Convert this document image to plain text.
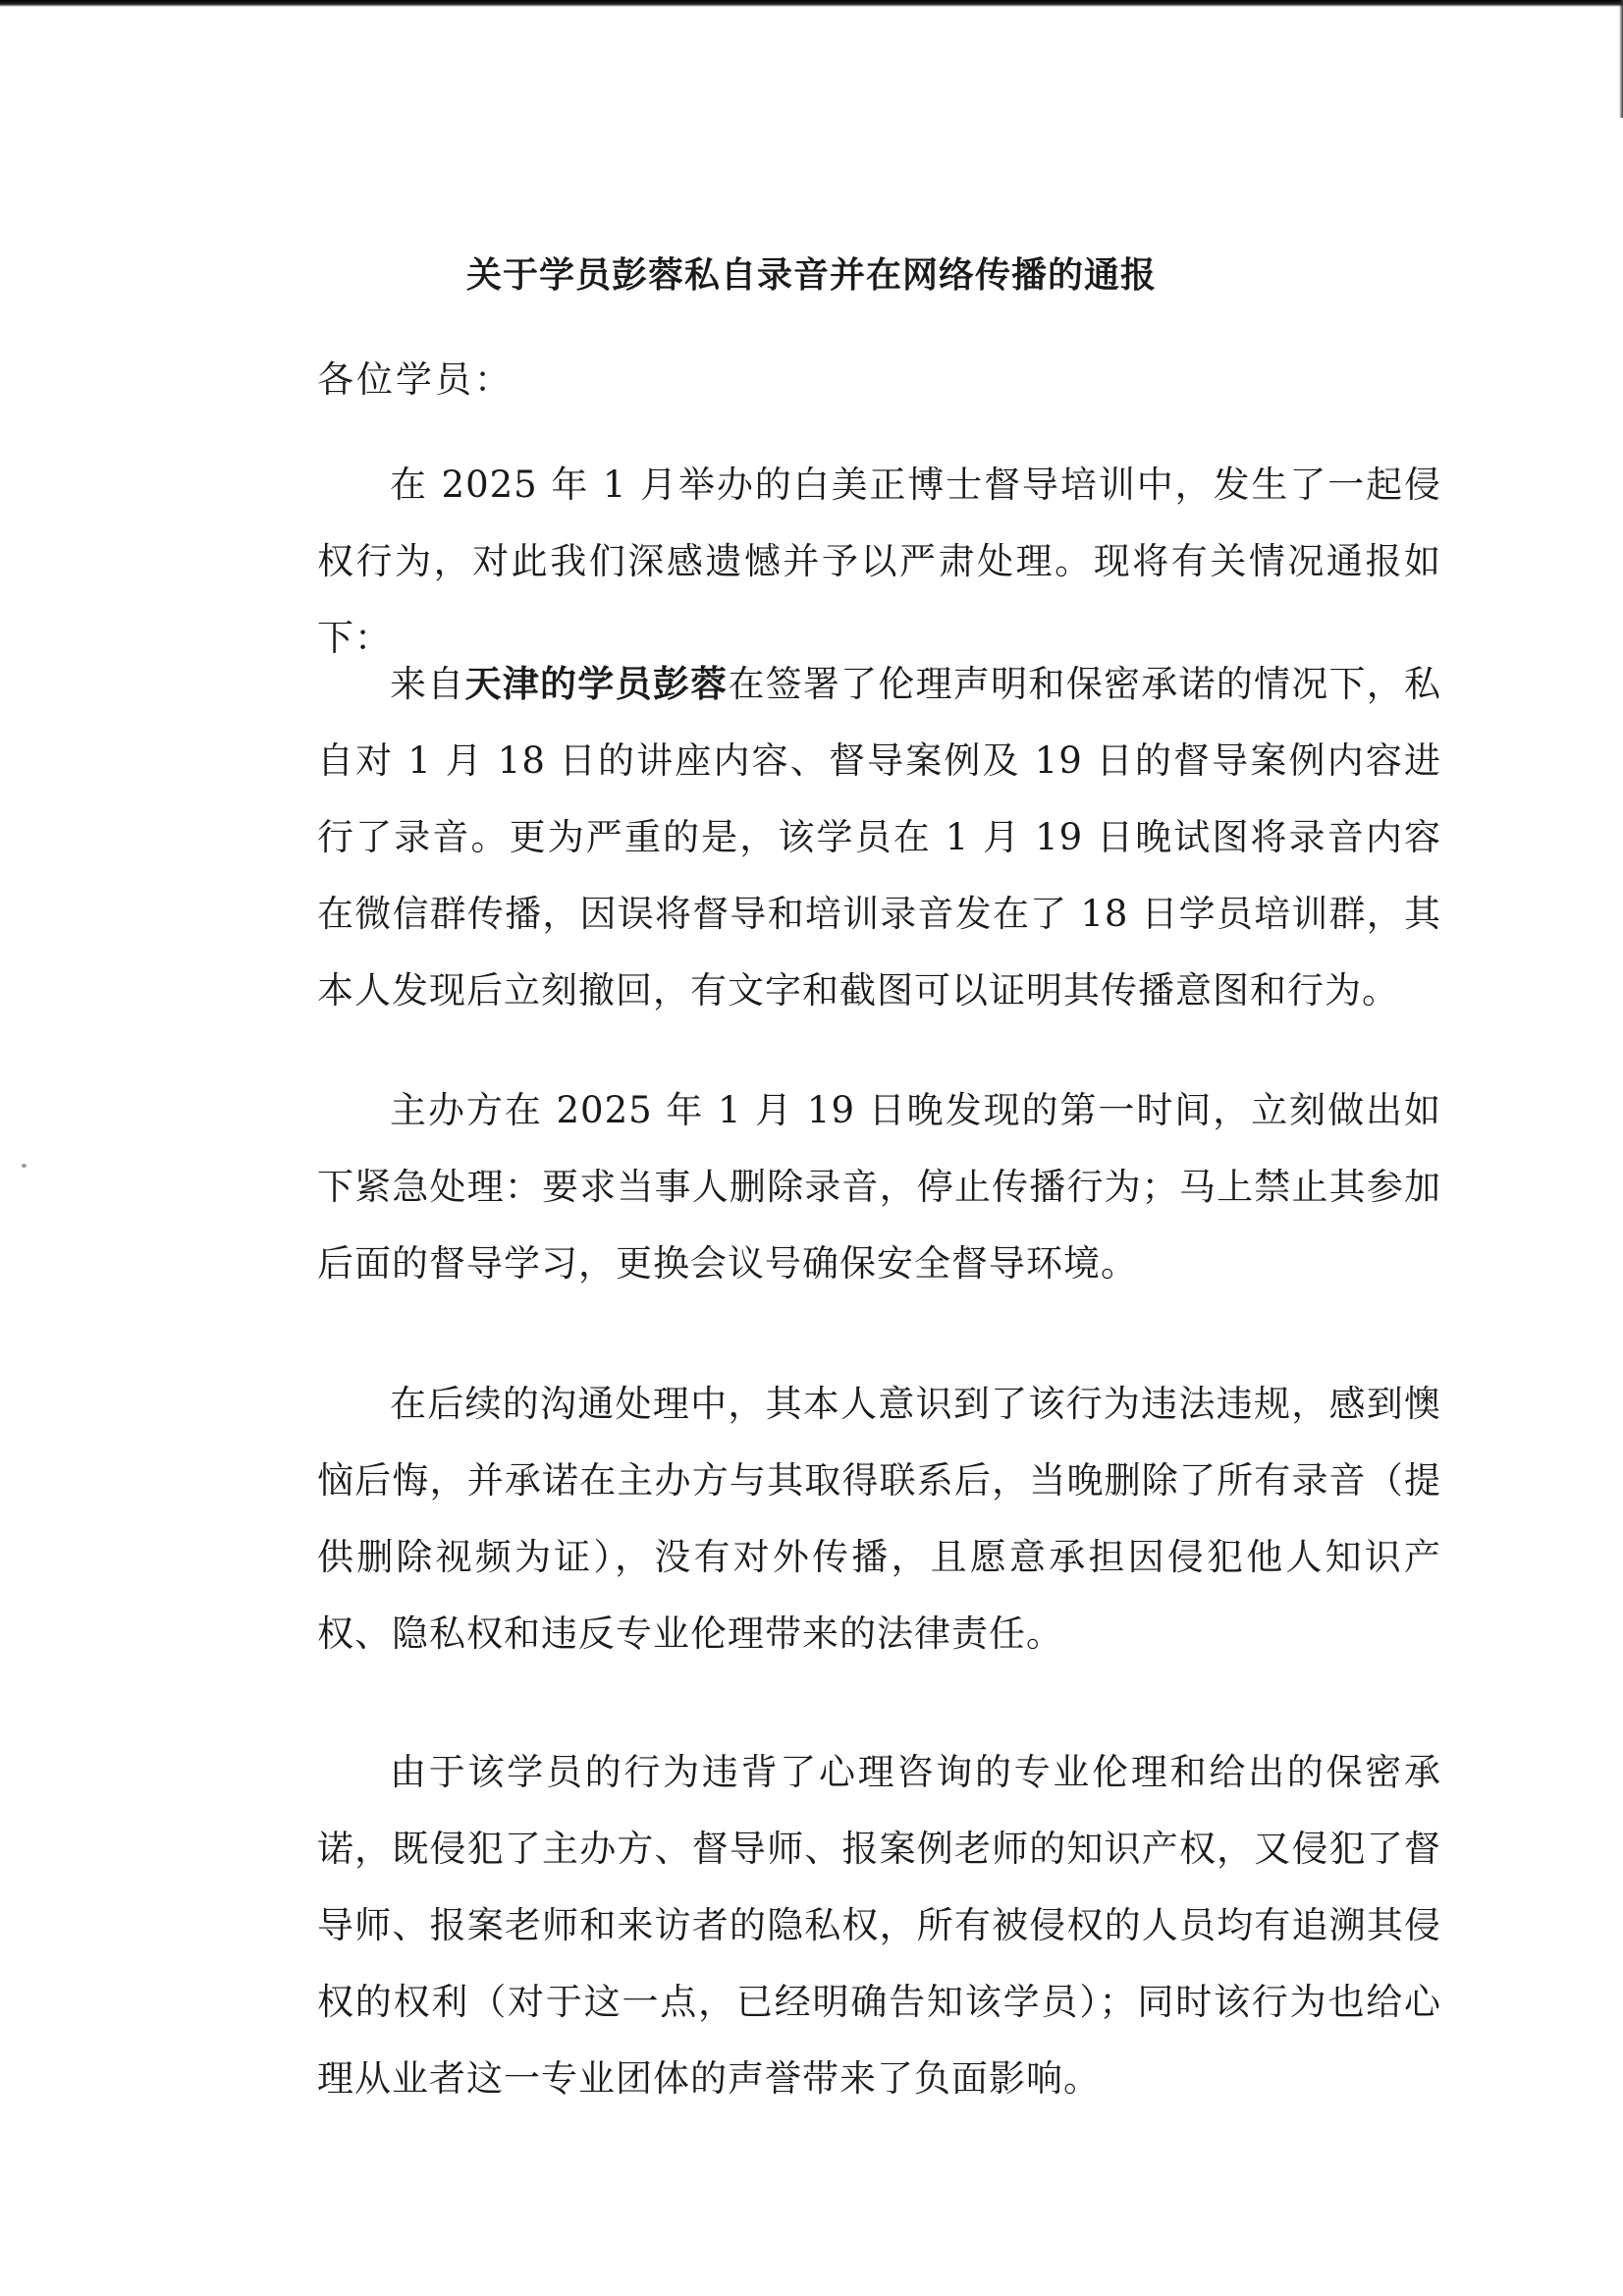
关于学员彭蓉私自录音并在网络传播的通报
各位学员：

在 2025 年 1 月举办的白美正博士督导培训中，发生了一起侵权行为，对此我们深感遗憾并予以严肃处理。现将有关情况通报如下：

来自天津的学员彭蓉在签署了伦理声明和保密承诺的情况下，私自对 1 月 18 日的讲座内容、督导案例及 19 日的督导案例内容进行了录音。更为严重的是，该学员在 1 月 19 日晚试图将录音内容在微信群传播，因误将督导和培训录音发在了 18 日学员培训群，其本人发现后立刻撤回，有文字和截图可以证明其传播意图和行为。

主办方在 2025 年 1 月 19 日晚发现的第一时间，立刻做出如下紧急处理：要求当事人删除录音，停止传播行为；马上禁止其参加后面的督导学习，更换会议号确保安全督导环境。

在后续的沟通处理中，其本人意识到了该行为违法违规，感到懊恼后悔，并承诺在主办方与其取得联系后，当晚删除了所有录音（提供删除视频为证），没有对外传播，且愿意承担因侵犯他人知识产权、隐私权和违反专业伦理带来的法律责任。

由于该学员的行为违背了心理咨询的专业伦理和给出的保密承诺，既侵犯了主办方、督导师、报案例老师的知识产权，又侵犯了督导师、报案老师和来访者的隐私权，所有被侵权的人员均有追溯其侵权的权利（对于这一点，已经明确告知该学员）；同时该行为也给心理从业者这一专业团体的声誉带来了负面影响。
